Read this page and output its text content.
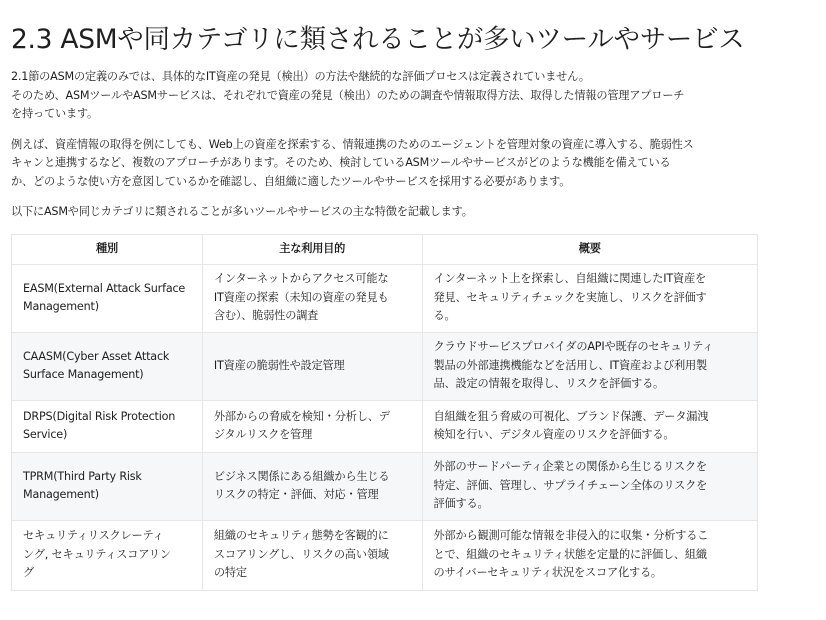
2.3 ASMや同カテゴリに類されることが多いツールやサービス

2.1節のASMの定義のみでは、具体的なIT資産の発見（検出）の方法や継続的な評価プロセスは定義されていません。
そのため、ASMツールやASMサービスは、それぞれで資産の発見（検出）のための調査や情報取得方法、取得した情報の管理アプローチ
を持っています。

例えば、資産情報の取得を例にしても、Web上の資産を探索する、情報連携のためのエージェントを管理対象の資産に導入する、脆弱性ス
キャンと連携するなど、複数のアプローチがあります。そのため、検討しているASMツールやサービスがどのような機能を備えている
か、どのような使い方を意図しているかを確認し、自組織に適したツールやサービスを採用する必要があります。

以下にASMや同じカテゴリに類されることが多いツールやサービスの主な特徴を記載します。

種別	主な利用目的	概要

EASM(External Attack Surface
Management)	インターネットからアクセス可能な
IT資産の探索（未知の資産の発見も
含む）、脆弱性の調査	インターネット上を探索し、自組織に関連したIT資産を
発見、セキュリティチェックを実施し、リスクを評価す
る。

CAASM(Cyber Asset Attack
Surface Management)	IT資産の脆弱性や設定管理	クラウドサービスプロバイダのAPIや既存のセキュリティ
製品の外部連携機能などを活用し、IT資産および利用製
品、設定の情報を取得し、リスクを評価する。

DRPS(Digital Risk Protection
Service)	外部からの脅威を検知・分析し、デ
ジタルリスクを管理	自組織を狙う脅威の可視化、ブランド保護、データ漏洩
検知を行い、デジタル資産のリスクを評価する。

TPRM(Third Party Risk
Management)	ビジネス関係にある組織から生じる
リスクの特定・評価、対応・管理	外部のサードパーティ企業との関係から生じるリスクを
特定、評価、管理し、サプライチェーン全体のリスクを
評価する。

セキュリティリスクレーティ
ング, セキュリティスコアリン
グ	組織のセキュリティ態勢を客観的に
スコアリングし、リスクの高い領域
の特定	外部から観測可能な情報を非侵入的に収集・分析するこ
とで、組織のセキュリティ状態を定量的に評価し、組織
のサイバーセキュリティ状況をスコア化する。
